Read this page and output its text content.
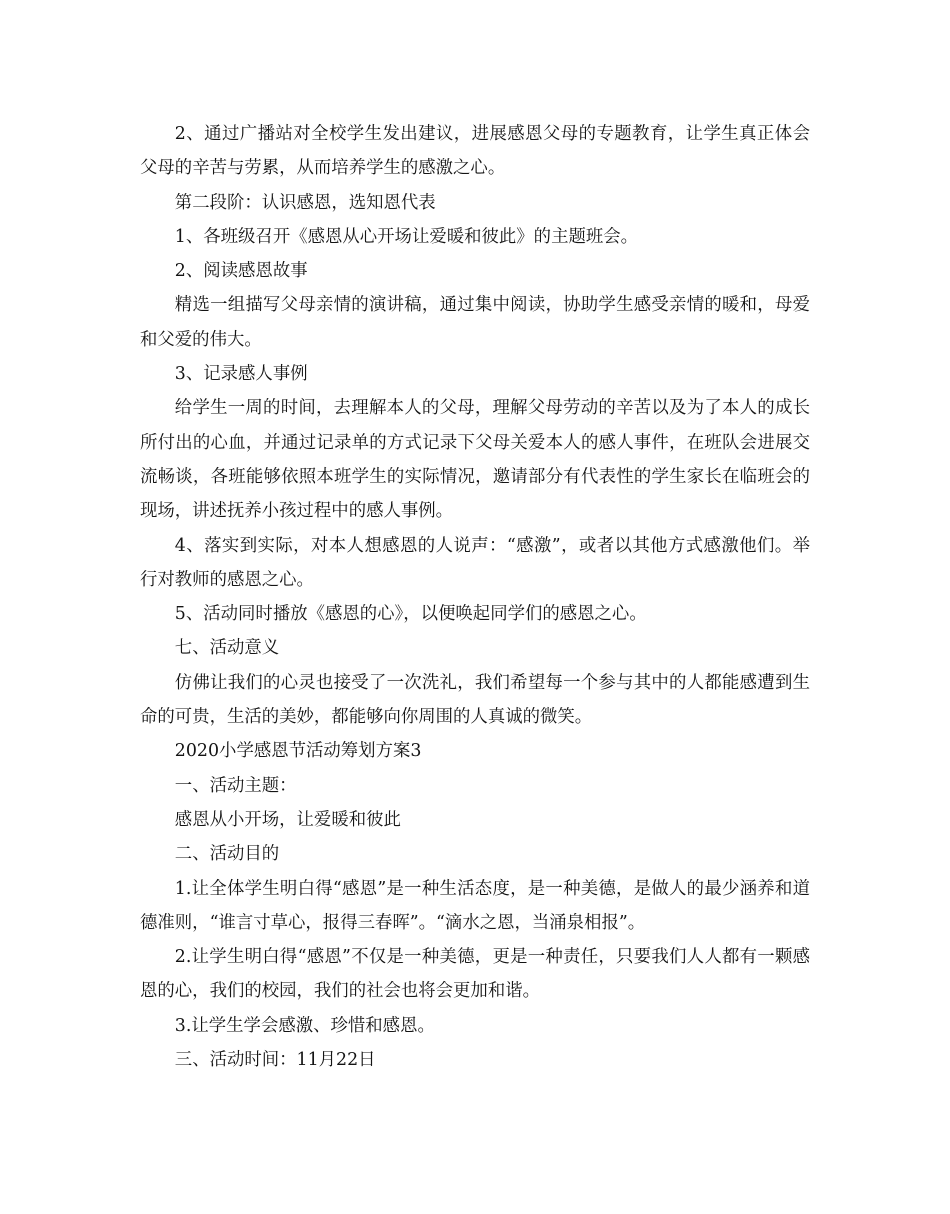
2、通过广播站对全校学生发出建议，进展感恩父母的专题教育，让学生真正体会父母的辛苦与劳累，从而培养学生的感激之心。

第二段阶：认识感恩，选知恩代表

1、各班级召开《感恩从心开场让爱暖和彼此》的主题班会。

2、阅读感恩故事

精选一组描写父母亲情的演讲稿，通过集中阅读，协助学生感受亲情的暖和，母爱和父爱的伟大。

3、记录感人事例

给学生一周的时间，去理解本人的父母，理解父母劳动的辛苦以及为了本人的成长所付出的心血，并通过记录单的方式记录下父母关爱本人的感人事件，在班队会进展交流畅谈，各班能够依照本班学生的实际情况，邀请部分有代表性的学生家长在临班会的现场，讲述抚养小孩过程中的感人事例。

4、落实到实际，对本人想感恩的人说声：“感激”，或者以其他方式感激他们。举行对教师的感恩之心。

5、活动同时播放《感恩的心》，以便唤起同学们的感恩之心。

七、活动意义

仿佛让我们的心灵也接受了一次洗礼，我们希望每一个参与其中的人都能感遭到生命的可贵，生活的美妙，都能够向你周围的人真诚的微笑。

2020小学感恩节活动筹划方案3

一、活动主题：

感恩从小开场，让爱暖和彼此

二、活动目的

1.让全体学生明白得“感恩”是一种生活态度，是一种美德，是做人的最少涵养和道德准则，“谁言寸草心，报得三春晖”。“滴水之恩，当涌泉相报”。

2.让学生明白得“感恩”不仅是一种美德，更是一种责任，只要我们人人都有一颗感恩的心，我们的校园，我们的社会也将会更加和谐。

3.让学生学会感激、珍惜和感恩。

三、活动时间：11月22日
